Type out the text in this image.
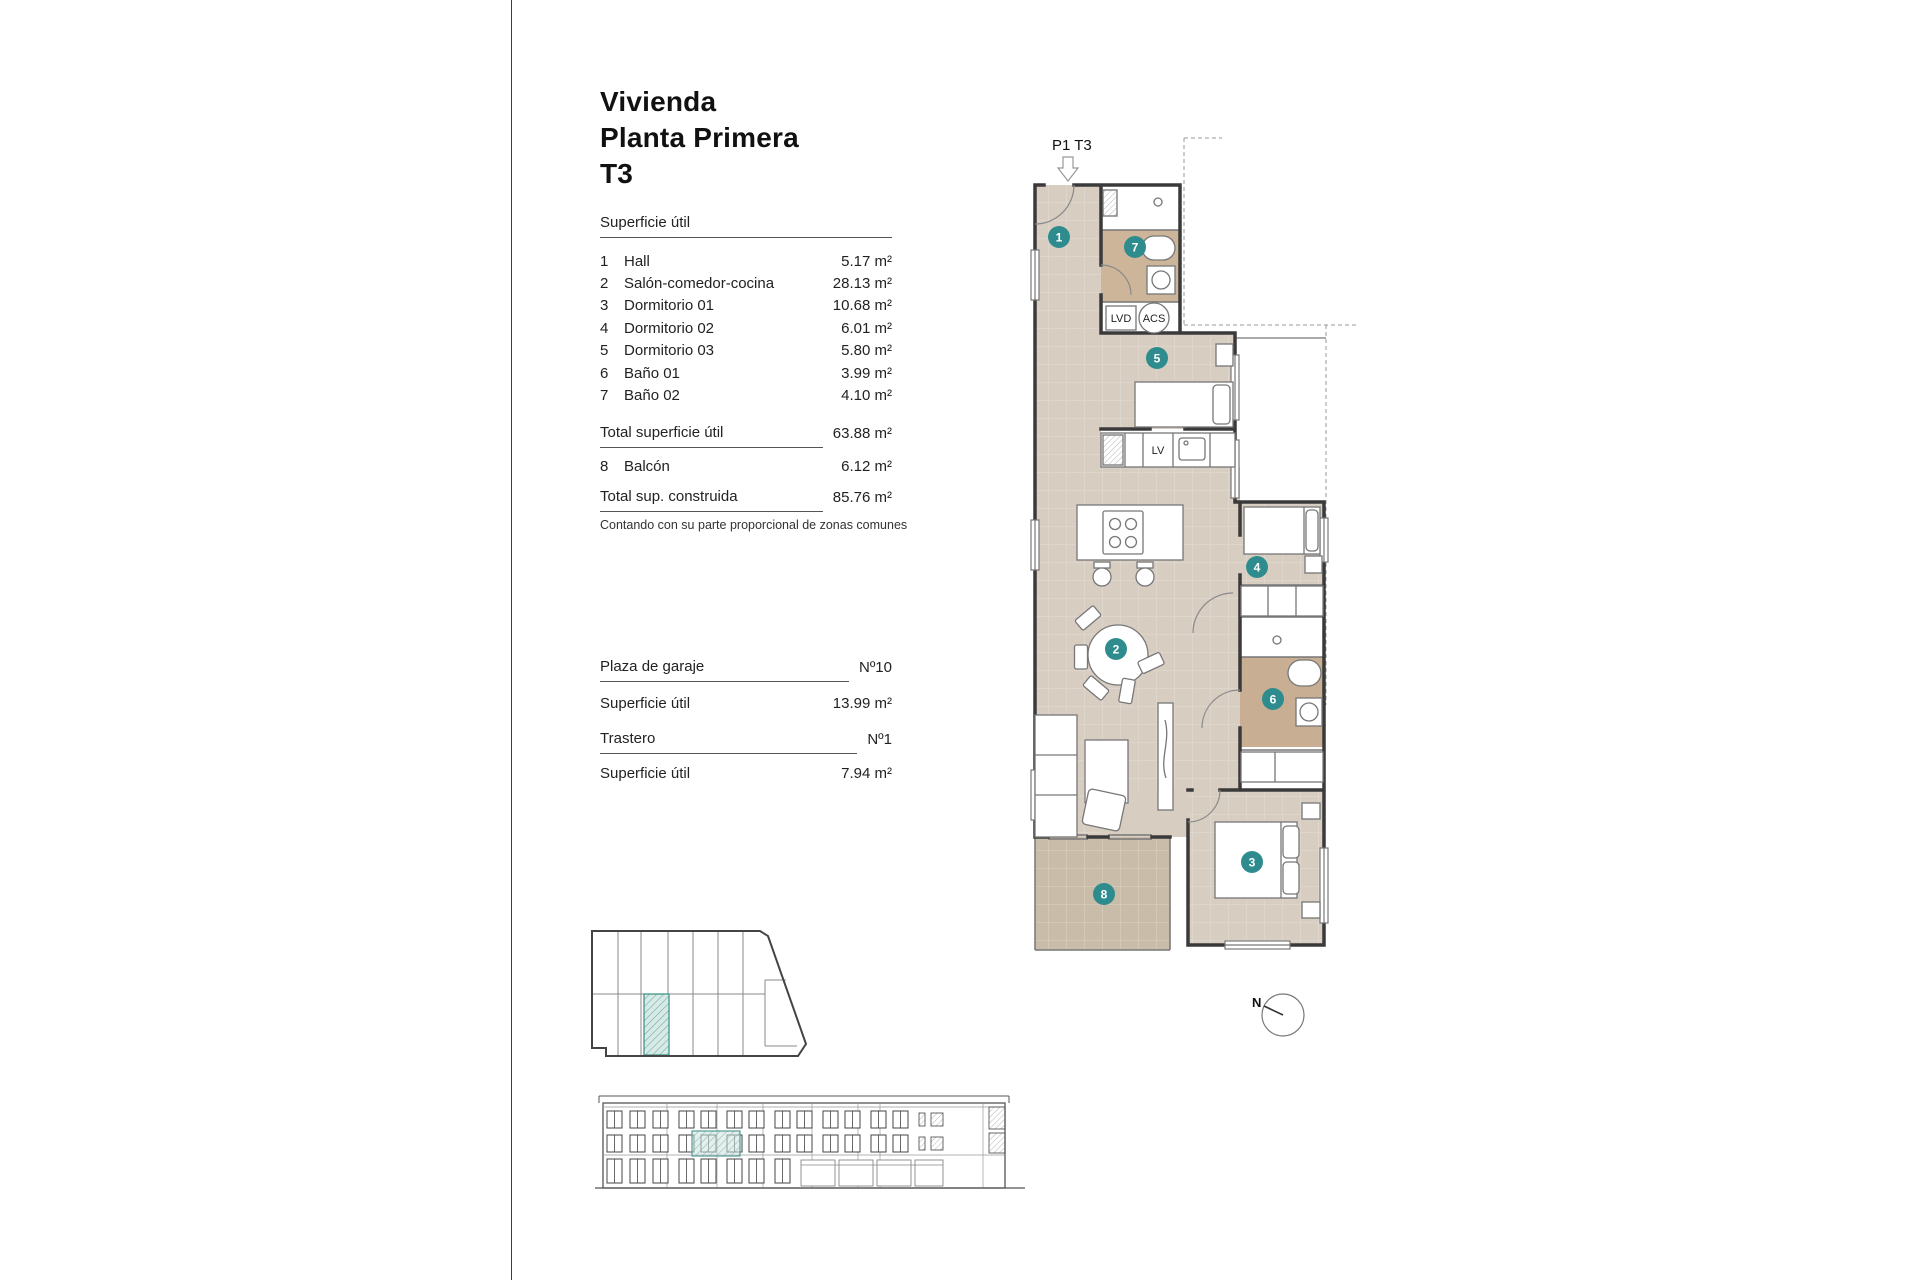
Vivienda
Planta Primera
T3
Superficie útil
1	Hall	5.17 m²
2	Salón-comedor-cocina	28.13 m²
3	Dormitorio 01	10.68 m²
4	Dormitorio 02	6.01 m²
5	Dormitorio 03	5.80 m²
6	Baño 01	3.99 m²
7	Baño 02	4.10 m²
Total superficie útil	63.88 m²
8	Balcón	6.12 m²
Total sup. construida	85.76 m²
Contando con su parte proporcional de zonas comunes
Plaza de garaje	Nº10
Superficie útil	13.99 m²
Trastero	Nº1
Superficie útil	7.94 m²
P1 T3
LVD ACS
LV
1
2
3
4
5
6
7
8
N
